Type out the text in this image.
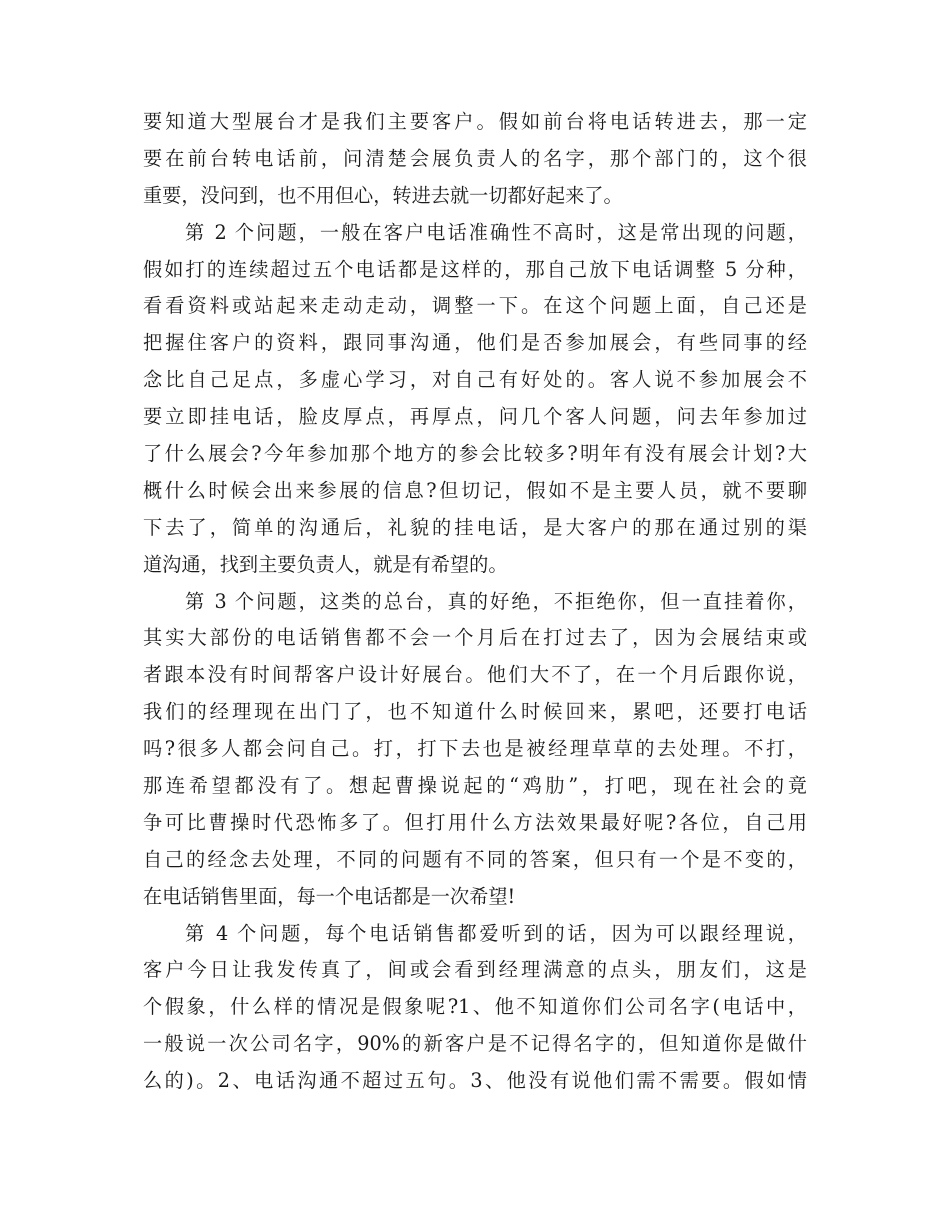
要知道大型展台才是我们主要客户。假如前台将电话转进去，那一定
要在前台转电话前，问清楚会展负责人的名字，那个部门的，这个很
重要，没问到，也不用但心，转进去就一切都好起来了。
第 2 个问题，一般在客户电话准确性不高时，这是常出现的问题，
假如打的连续超过五个电话都是这样的，那自己放下电话调整 5 分种，
看看资料或站起来走动走动，调整一下。在这个问题上面，自己还是
把握住客户的资料，跟同事沟通，他们是否参加展会，有些同事的经
念比自己足点，多虚心学习，对自己有好处的。客人说不参加展会不
要立即挂电话，脸皮厚点，再厚点，问几个客人问题，问去年参加过
了什么展会?今年参加那个地方的参会比较多?明年有没有展会计划?大
概什么时候会出来参展的信息?但切记，假如不是主要人员，就不要聊
下去了，简单的沟通后，礼貌的挂电话，是大客户的那在通过别的渠
道沟通，找到主要负责人，就是有希望的。
第 3 个问题，这类的总台，真的好绝，不拒绝你，但一直挂着你，
其实大部份的电话销售都不会一个月后在打过去了，因为会展结束或
者跟本没有时间帮客户设计好展台。他们大不了，在一个月后跟你说，
我们的经理现在出门了，也不知道什么时候回来，累吧，还要打电话
吗?很多人都会问自己。打，打下去也是被经理草草的去处理。不打，
那连希望都没有了。想起曹操说起的“鸡肋”，打吧，现在社会的竟
争可比曹操时代恐怖多了。但打用什么方法效果最好呢?各位，自己用
自己的经念去处理，不同的问题有不同的答案，但只有一个是不变的，
在电话销售里面，每一个电话都是一次希望!
第 4 个问题，每个电话销售都爱听到的话，因为可以跟经理说，
客户今日让我发传真了，间或会看到经理满意的点头，朋友们，这是
个假象，什么样的情况是假象呢?1、他不知道你们公司名字(电话中，
一般说一次公司名字，90%的新客户是不记得名字的，但知道你是做什
么的)。2、电话沟通不超过五句。3、他没有说他们需不需要。假如情
